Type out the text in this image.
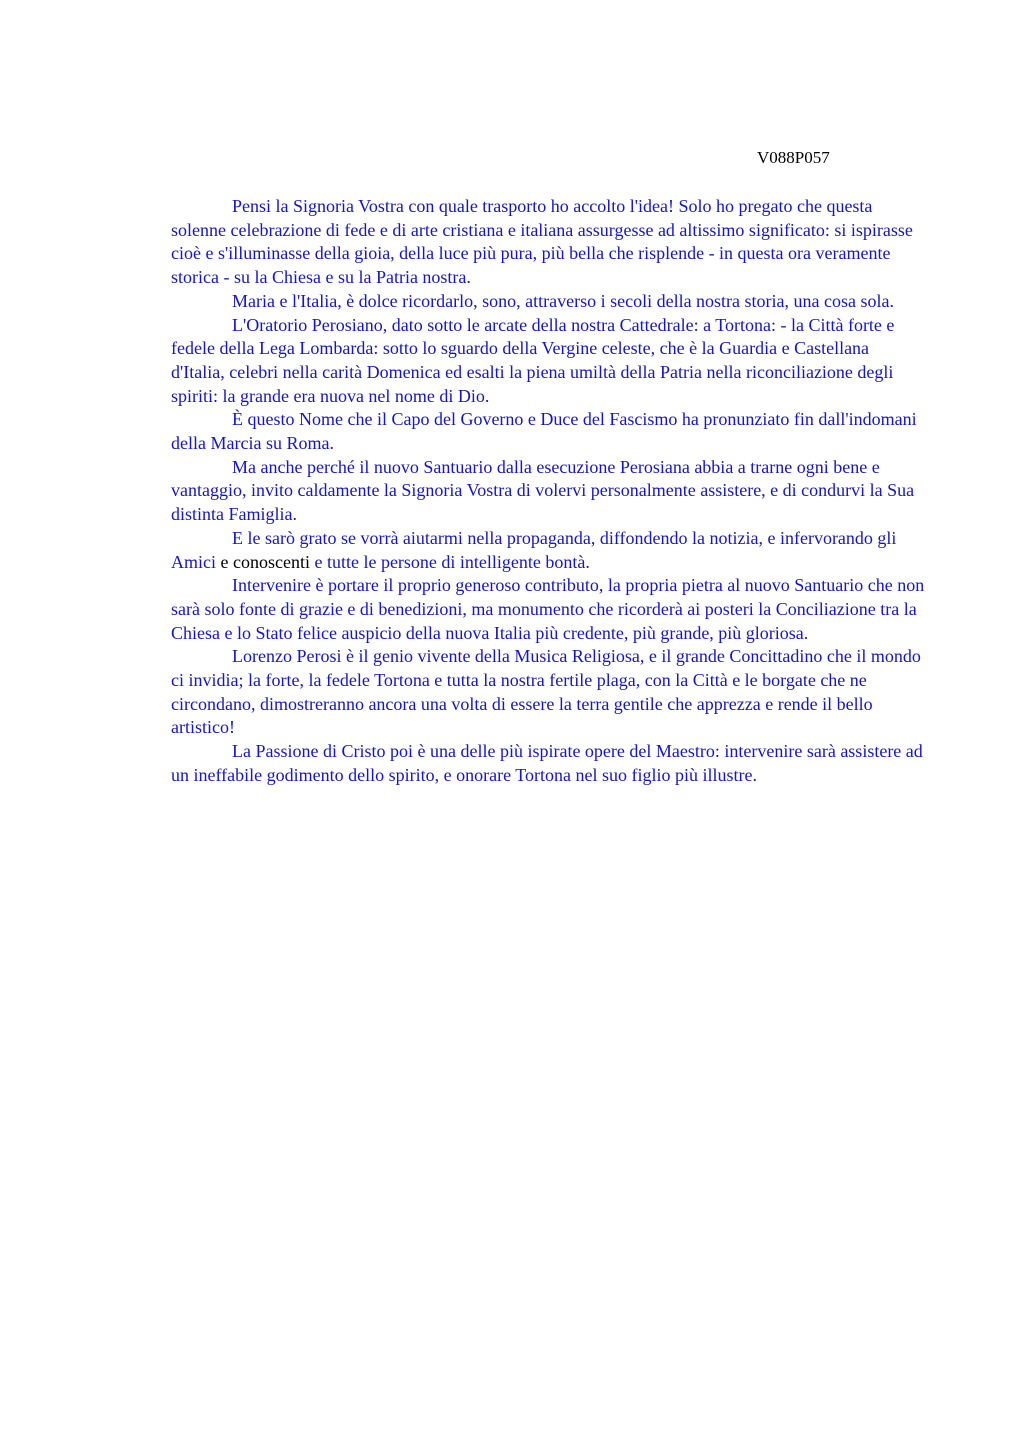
V088P057

Pensi la Signoria Vostra con quale trasporto ho accolto l'idea! Solo ho pregato che questa solenne celebrazione di fede e di arte cristiana e italiana assurgesse ad altissimo significato: si ispirasse cioè e s'illuminasse della gioia, della luce più pura, più bella che risplende - in questa ora veramente storica - su la Chiesa e su la Patria nostra.

Maria e l'Italia, è dolce ricordarlo, sono, attraverso i secoli della nostra storia, una cosa sola.

L'Oratorio Perosiano, dato sotto le arcate della nostra Cattedrale: a Tortona: - la Città forte e fedele della Lega Lombarda: sotto lo sguardo della Vergine celeste, che è la Guardia e Castellana d'Italia, celebri nella carità Domenica ed esalti la piena umiltà della Patria nella riconciliazione degli spiriti: la grande era nuova nel nome di Dio.

È questo Nome che il Capo del Governo e Duce del Fascismo ha pronunziato fin dall'indomani della Marcia su Roma.

Ma anche perché il nuovo Santuario dalla esecuzione Perosiana abbia a trarne ogni bene e vantaggio, invito caldamente la Signoria Vostra di volervi personalmente assistere, e di condurvi la Sua distinta Famiglia.

E le sarò grato se vorrà aiutarmi nella propaganda, diffondendo la notizia, e infervorando gli Amici e conoscenti e tutte le persone di intelligente bontà.

Intervenire è portare il proprio generoso contributo, la propria pietra al nuovo Santuario che non sarà solo fonte di grazie e di benedizioni, ma monumento che ricorderà ai posteri la Conciliazione tra la Chiesa e lo Stato felice auspicio della nuova Italia più credente, più grande, più gloriosa.

Lorenzo Perosi è il genio vivente della Musica Religiosa, e il grande Concittadino che il mondo ci invidia; la forte, la fedele Tortona e tutta la nostra fertile plaga, con la Città e le borgate che ne circondano, dimostreranno ancora una volta di essere la terra gentile che apprezza e rende il bello artistico!

La Passione di Cristo poi è una delle più ispirate opere del Maestro: intervenire sarà assistere ad un ineffabile godimento dello spirito, e onorare Tortona nel suo figlio più illustre.
